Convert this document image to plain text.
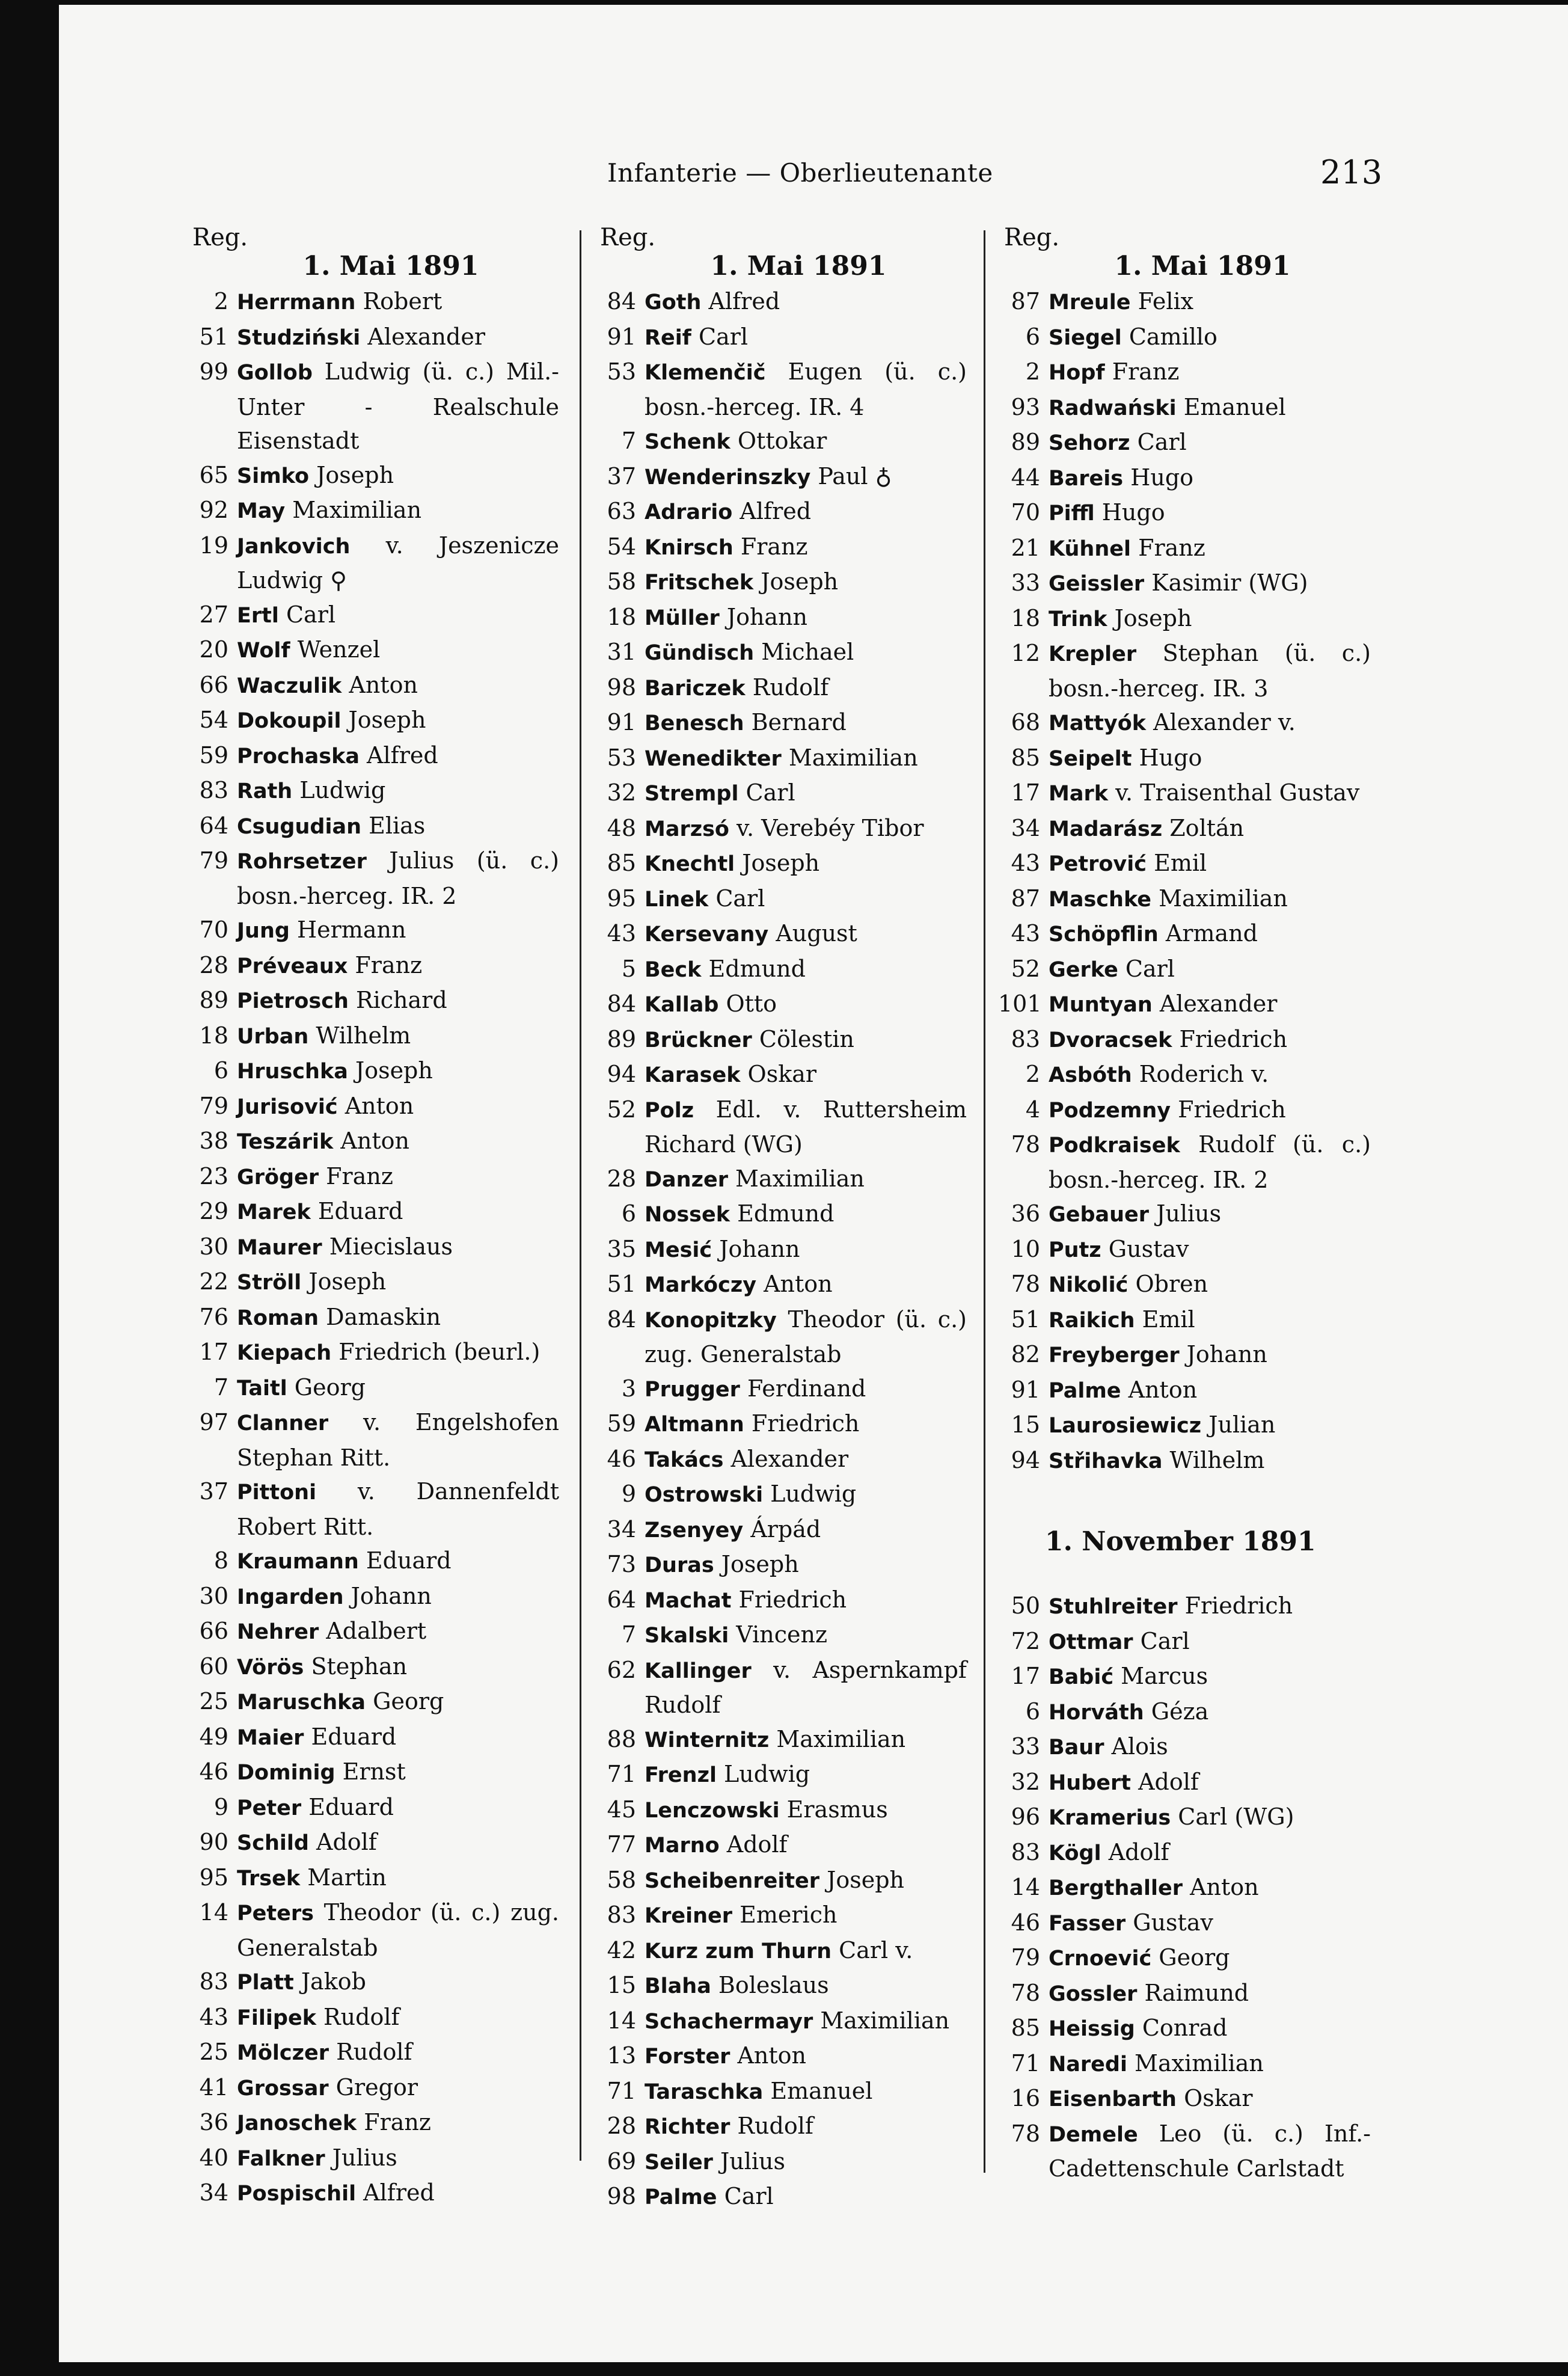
Infanterie — Oberlieutenante	213
Reg.
1. Mai 1891
2 Herrmann Robert
51 Studziński Alexander
99 Gollob Ludwig (ü. c.) Mil.-Unter - Realschule Eisenstadt
65 Simko Joseph
92 May Maximilian
19 Jankovich v. Jeszenicze Ludwig ⚲
27 Ertl Carl
20 Wolf Wenzel
66 Waczulik Anton
54 Dokoupil Joseph
59 Prochaska Alfred
83 Rath Ludwig
64 Csugudian Elias
79 Rohrsetzer Julius (ü. c.) bosn.-herceg. IR. 2
70 Jung Hermann
28 Préveaux Franz
89 Pietrosch Richard
18 Urban Wilhelm
6 Hruschka Joseph
79 Jurisović Anton
38 Teszárik Anton
23 Gröger Franz
29 Marek Eduard
30 Maurer Miecislaus
22 Ströll Joseph
76 Roman Damaskin
17 Kiepach Friedrich (beurl.)
7 Taitl Georg
97 Clanner v. Engelshofen Stephan Ritt.
37 Pittoni v. Dannenfeldt Robert Ritt.
8 Kraumann Eduard
30 Ingarden Johann
66 Nehrer Adalbert
60 Vörös Stephan
25 Maruschka Georg
49 Maier Eduard
46 Dominig Ernst
9 Peter Eduard
90 Schild Adolf
95 Trsek Martin
14 Peters Theodor (ü. c.) zug. Generalstab
83 Platt Jakob
43 Filipek Rudolf
25 Mölczer Rudolf
41 Grossar Gregor
36 Janoschek Franz
40 Falkner Julius
34 Pospischil Alfred
Reg.
1. Mai 1891
84 Goth Alfred
91 Reif Carl
53 Klemenčič Eugen (ü. c.) bosn.-herceg. IR. 4
7 Schenk Ottokar
37 Wenderinszky Paul ♁
63 Adrario Alfred
54 Knirsch Franz
58 Fritschek Joseph
18 Müller Johann
31 Gündisch Michael
98 Bariczek Rudolf
91 Benesch Bernard
53 Wenedikter Maximilian
32 Strempl Carl
48 Marzsó v. Verebéy Tibor
85 Knechtl Joseph
95 Linek Carl
43 Kersevany August
5 Beck Edmund
84 Kallab Otto
89 Brückner Cölestin
94 Karasek Oskar
52 Polz Edl. v. Ruttersheim Richard (WG)
28 Danzer Maximilian
6 Nossek Edmund
35 Mesić Johann
51 Markóczy Anton
84 Konopitzky Theodor (ü. c.) zug. Generalstab
3 Prugger Ferdinand
59 Altmann Friedrich
46 Takács Alexander
9 Ostrowski Ludwig
34 Zsenyey Árpád
73 Duras Joseph
64 Machat Friedrich
7 Skalski Vincenz
62 Kallinger v. Aspernkampf Rudolf
88 Winternitz Maximilian
71 Frenzl Ludwig
45 Lenczowski Erasmus
77 Marno Adolf
58 Scheibenreiter Joseph
83 Kreiner Emerich
42 Kurz zum Thurn Carl v.
15 Blaha Boleslaus
14 Schachermayr Maximilian
13 Forster Anton
71 Taraschka Emanuel
28 Richter Rudolf
69 Seiler Julius
98 Palme Carl
Reg.
1. Mai 1891
87 Mreule Felix
6 Siegel Camillo
2 Hopf Franz
93 Radwański Emanuel
89 Sehorz Carl
44 Bareis Hugo
70 Piffl Hugo
21 Kühnel Franz
33 Geissler Kasimir (WG)
18 Trink Joseph
12 Krepler Stephan (ü. c.) bosn.-herceg. IR. 3
68 Mattyók Alexander v.
85 Seipelt Hugo
17 Mark v. Traisenthal Gustav
34 Madarász Zoltán
43 Petrović Emil
87 Maschke Maximilian
43 Schöpflin Armand
52 Gerke Carl
101 Muntyan Alexander
83 Dvoracsek Friedrich
2 Asbóth Roderich v.
4 Podzemny Friedrich
78 Podkraisek Rudolf (ü. c.) bosn.-herceg. IR. 2
36 Gebauer Julius
10 Putz Gustav
78 Nikolić Obren
51 Raikich Emil
82 Freyberger Johann
91 Palme Anton
15 Laurosiewicz Julian
94 Střihavka Wilhelm
1. November 1891
50 Stuhlreiter Friedrich
72 Ottmar Carl
17 Babić Marcus
6 Horváth Géza
33 Baur Alois
32 Hubert Adolf
96 Kramerius Carl (WG)
83 Kögl Adolf
14 Bergthaller Anton
46 Fasser Gustav
79 Crnoević Georg
78 Gossler Raimund
85 Heissig Conrad
71 Naredi Maximilian
16 Eisenbarth Oskar
78 Demele Leo (ü. c.) Inf.-Cadettenschule Carlstadt
